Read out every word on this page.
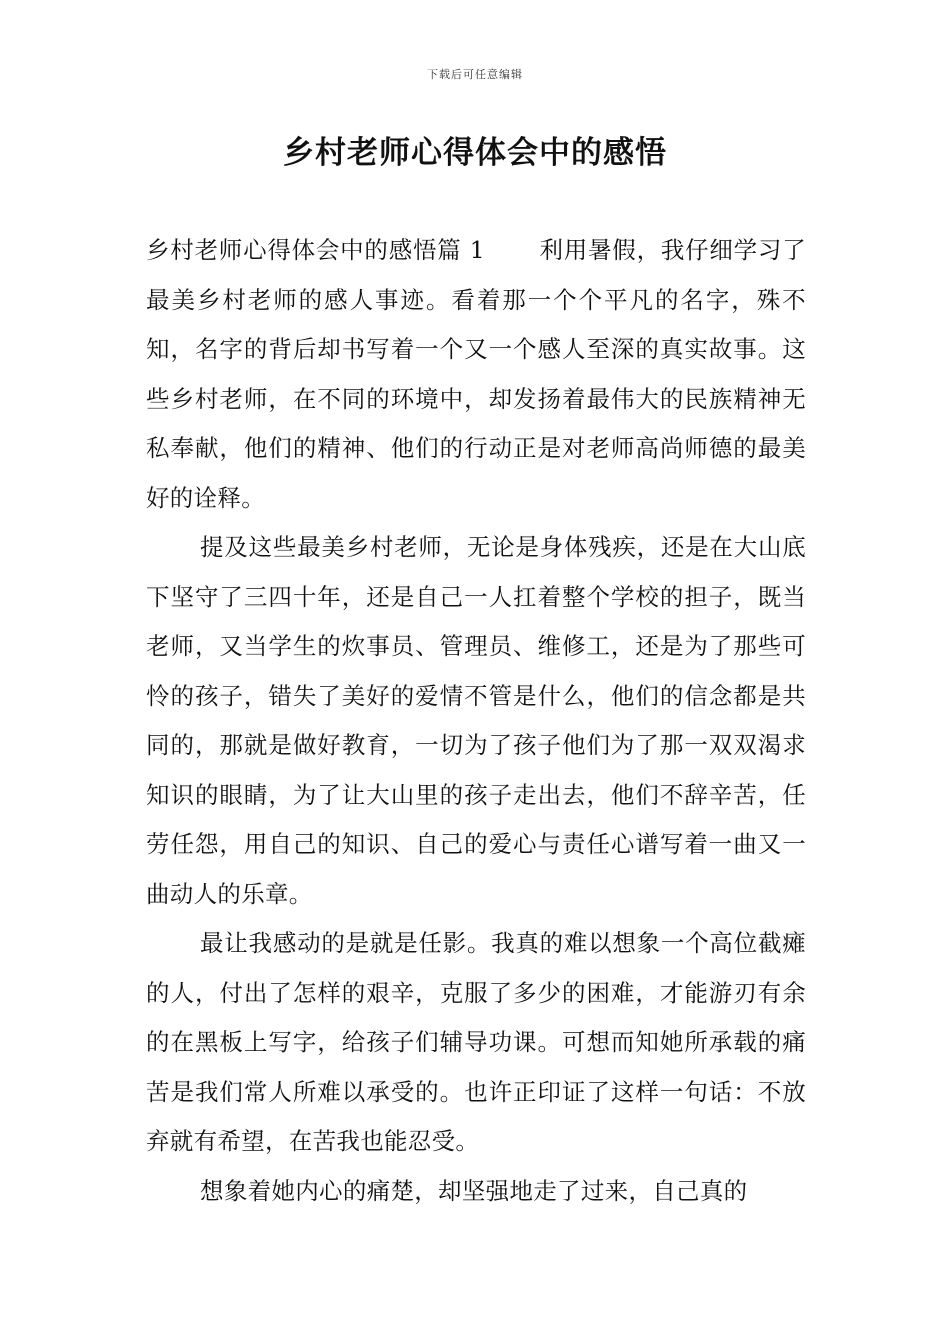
下载后可任意编辑
乡村老师心得体会中的感悟

乡村老师心得体会中的感悟篇 1 利用暑假，我仔细学习了最美乡村老师的感人事迹。看着那一个个平凡的名字，殊不知，名字的背后却书写着一个又一个感人至深的真实故事。这些乡村老师，在不同的环境中，却发扬着最伟大的民族精神无私奉献，他们的精神、他们的行动正是对老师高尚师德的最美好的诠释。

提及这些最美乡村老师，无论是身体残疾，还是在大山底下坚守了三四十年，还是自己一人扛着整个学校的担子，既当老师，又当学生的炊事员、管理员、维修工，还是为了那些可怜的孩子，错失了美好的爱情不管是什么，他们的信念都是共同的，那就是做好教育，一切为了孩子他们为了那一双双渴求知识的眼睛，为了让大山里的孩子走出去，他们不辞辛苦，任劳任怨，用自己的知识、自己的爱心与责任心谱写着一曲又一曲动人的乐章。

最让我感动的是就是任影。我真的难以想象一个高位截瘫的人，付出了怎样的艰辛，克服了多少的困难，才能游刃有余的在黑板上写字，给孩子们辅导功课。可想而知她所承载的痛苦是我们常人所难以承受的。也许正印证了这样一句话：不放弃就有希望，在苦我也能忍受。

想象着她内心的痛楚，却坚强地走了过来，自己真的
